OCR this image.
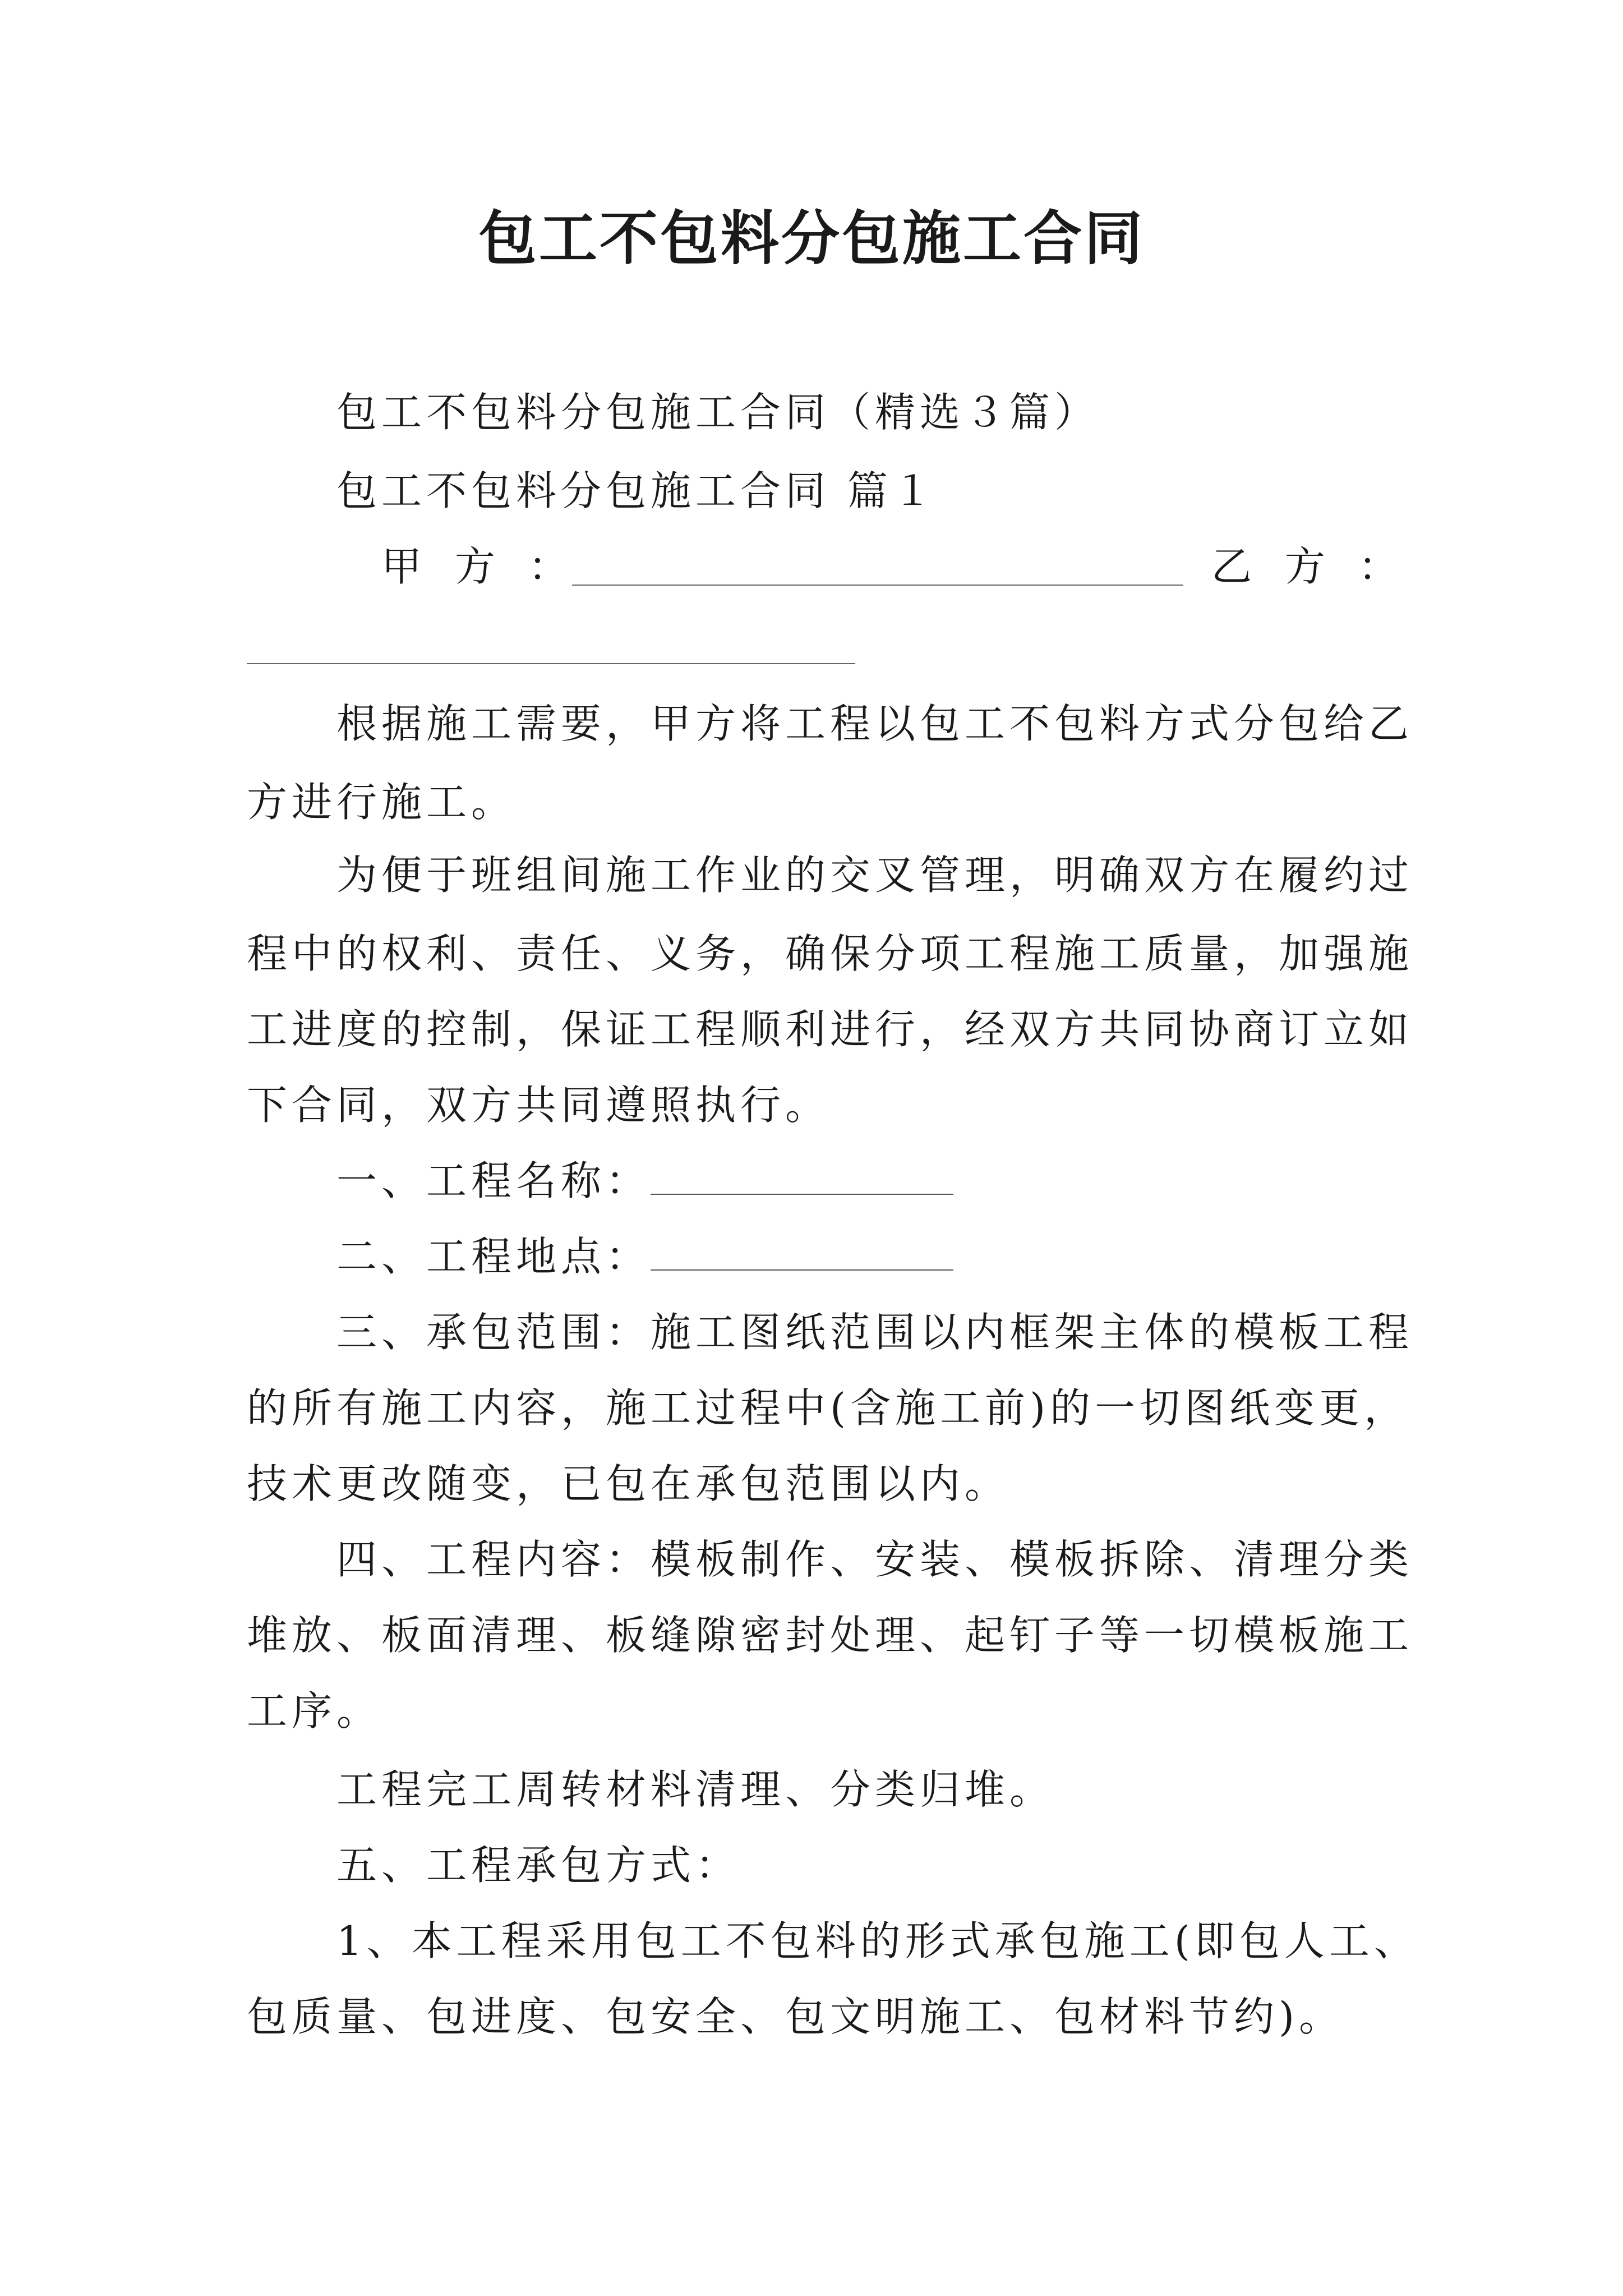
包工不包料分包施工合同
包工不包料分包施工合同（精选３篇）
包工不包料分包施工合同 篇１
甲 方 ：	乙 方 ：
根据施工需要，甲方将工程以包工不包料方式分包给乙
方进行施工。
为便于班组间施工作业的交叉管理，明确双方在履约过
程中的权利、责任、义务，确保分项工程施工质量，加强施
工进度的控制，保证工程顺利进行，经双方共同协商订立如
下合同，双方共同遵照执行。
一、工程名称：
二、工程地点：
三、承包范围：施工图纸范围以内框架主体的模板工程
的所有施工内容，施工过程中(含施工前)的一切图纸变更，
技术更改随变，已包在承包范围以内。
四、工程内容：模板制作、安装、模板拆除、清理分类
堆放、板面清理、板缝隙密封处理、起钉子等一切模板施工
工序。
工程完工周转材料清理、分类归堆。
五、工程承包方式：
1、本工程采用包工不包料的形式承包施工(即包人工、
包质量、包进度、包安全、包文明施工、包材料节约)。
